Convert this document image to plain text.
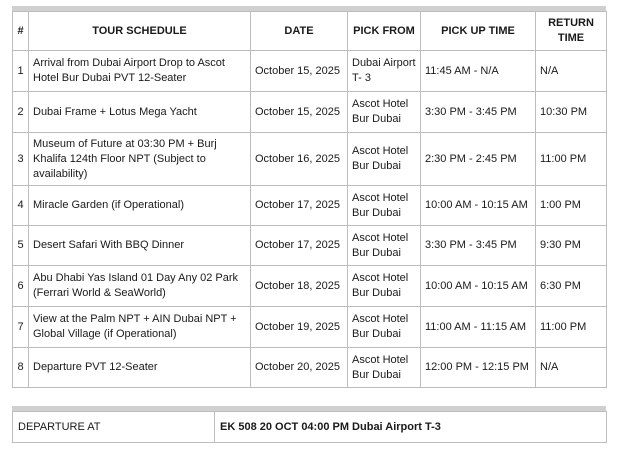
#	TOUR SCHEDULE	DATE	PICK FROM	PICK UP TIME	RETURN TIME
1	Arrival from Dubai Airport Drop to Ascot Hotel Bur Dubai PVT 12-Seater	October 15, 2025	Dubai Airport T- 3	11:45 AM - N/A	N/A
2	Dubai Frame + Lotus Mega Yacht	October 15, 2025	Ascot Hotel Bur Dubai	3:30 PM - 3:45 PM	10:30 PM
3	Museum of Future at 03:30 PM + Burj Khalifa 124th Floor NPT (Subject to availability)	October 16, 2025	Ascot Hotel Bur Dubai	2:30 PM - 2:45 PM	11:00 PM
4	Miracle Garden (if Operational)	October 17, 2025	Ascot Hotel Bur Dubai	10:00 AM - 10:15 AM	1:00 PM
5	Desert Safari With BBQ Dinner	October 17, 2025	Ascot Hotel Bur Dubai	3:30 PM - 3:45 PM	9:30 PM
6	Abu Dhabi Yas Island 01 Day Any 02 Park (Ferrari World & SeaWorld)	October 18, 2025	Ascot Hotel Bur Dubai	10:00 AM - 10:15 AM	6:30 PM
7	View at the Palm NPT + AIN Dubai NPT + Global Village (if Operational)	October 19, 2025	Ascot Hotel Bur Dubai	11:00 AM - 11:15 AM	11:00 PM
8	Departure PVT 12-Seater	October 20, 2025	Ascot Hotel Bur Dubai	12:00 PM - 12:15 PM	N/A
DEPARTURE AT	EK 508 20 OCT 04:00 PM Dubai Airport T-3
